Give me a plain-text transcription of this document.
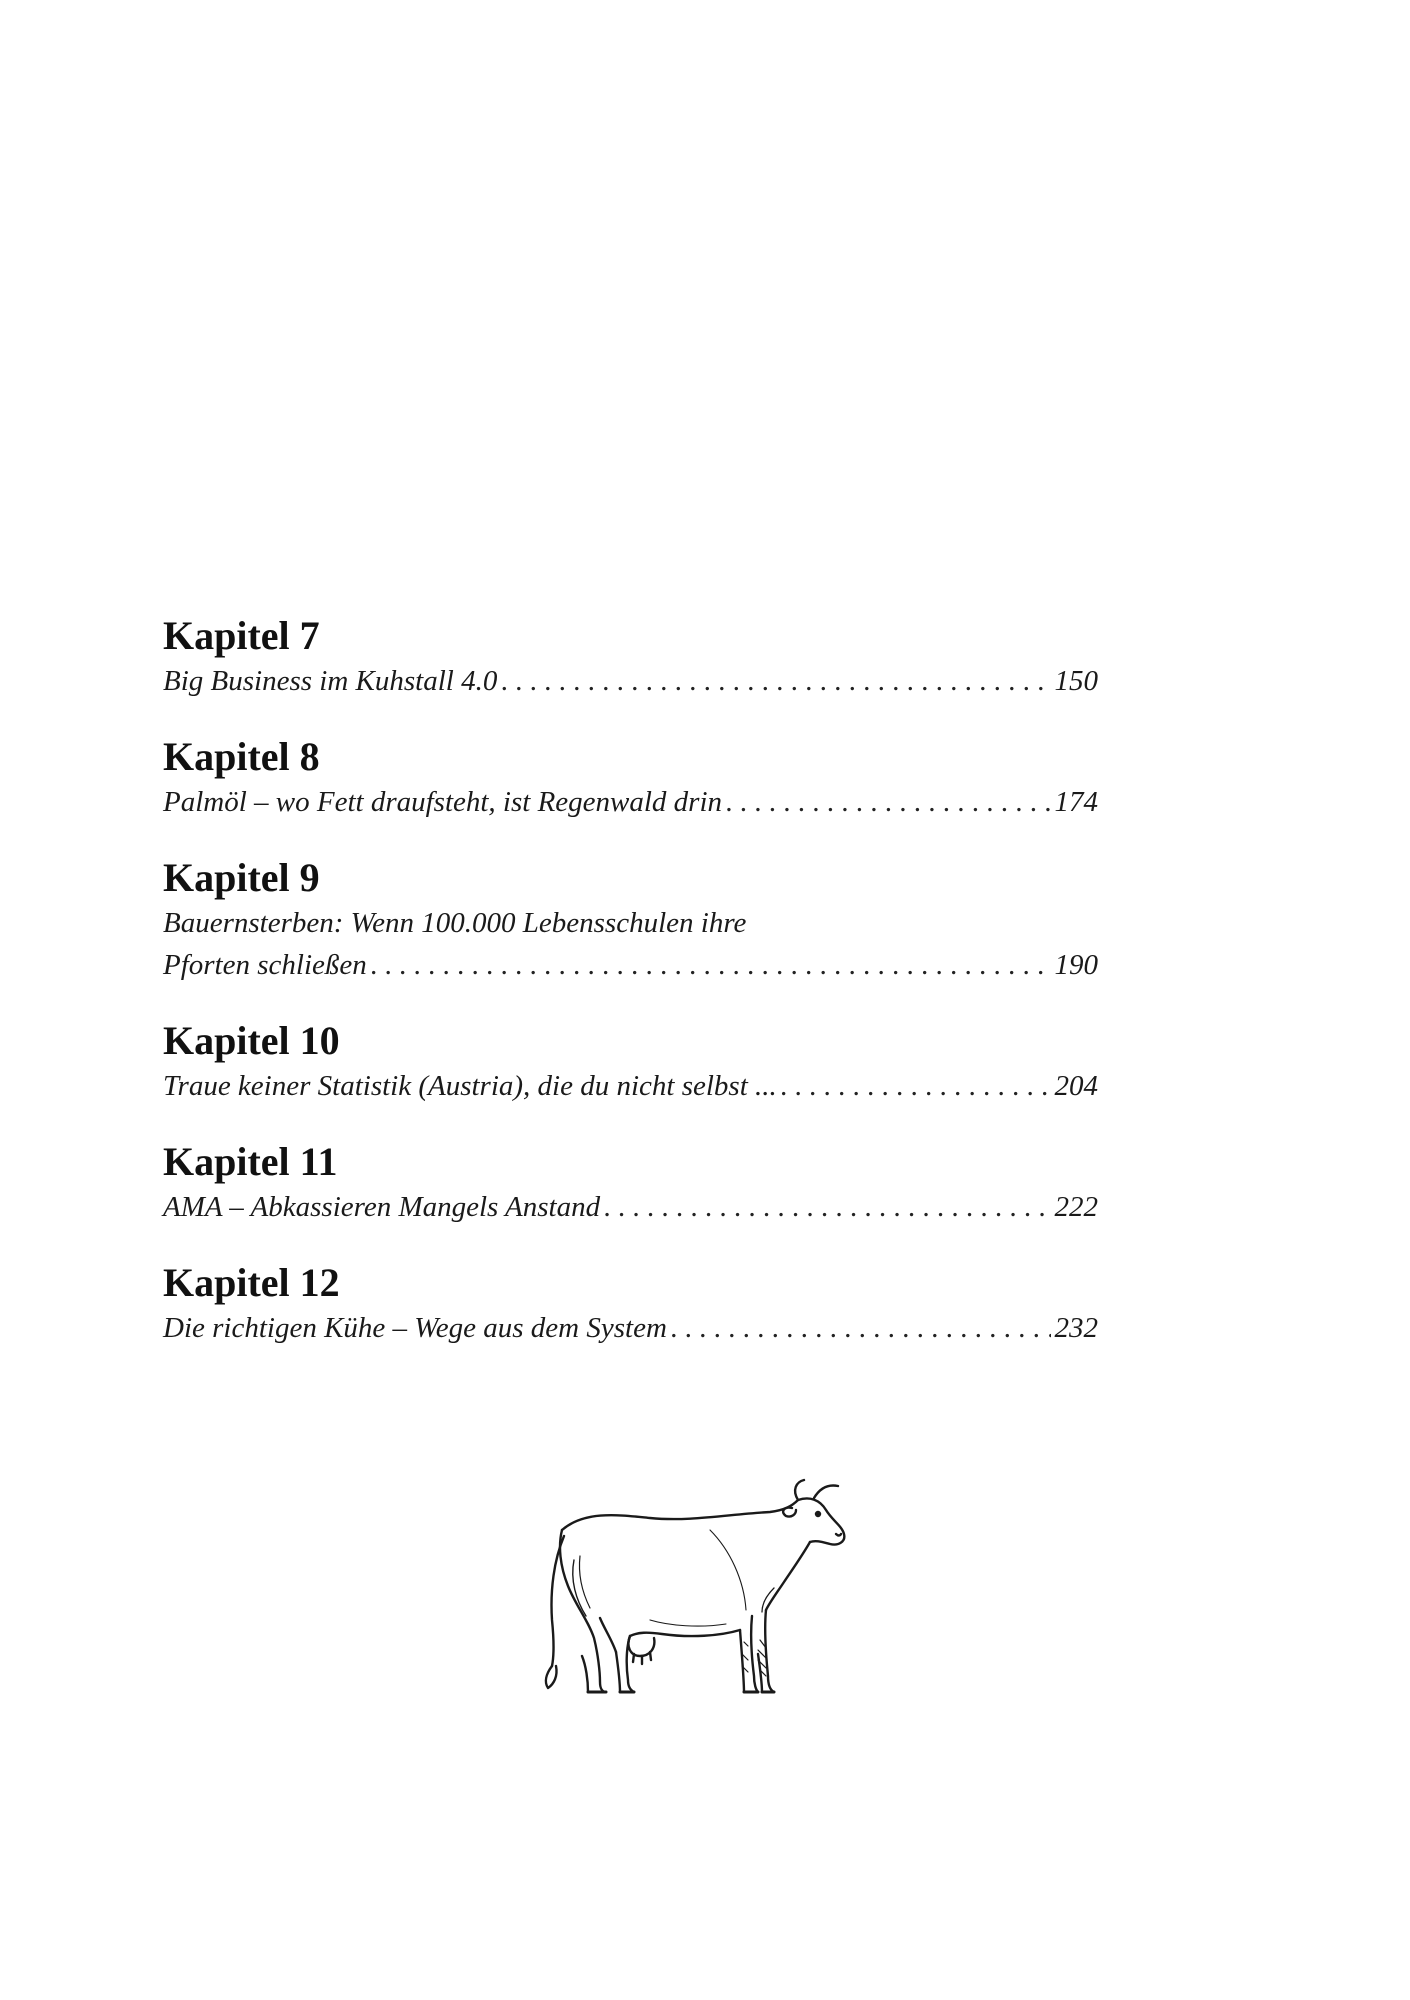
Kapitel 7
Big Business im Kuhstall 4.0 . . .	150
Kapitel 8
Palmöl – wo Fett draufsteht, ist Regenwald drin . . .	174
Kapitel 9
Bauernsterben: Wenn 100.000 Lebensschulen ihre
Pforten schließen . . .	190
Kapitel 10
Traue keiner Statistik (Austria), die du nicht selbst ... . . .	204
Kapitel 11
AMA – Abkassieren Mangels Anstand . . .	222
Kapitel 12
Die richtigen Kühe – Wege aus dem System . . .	232
